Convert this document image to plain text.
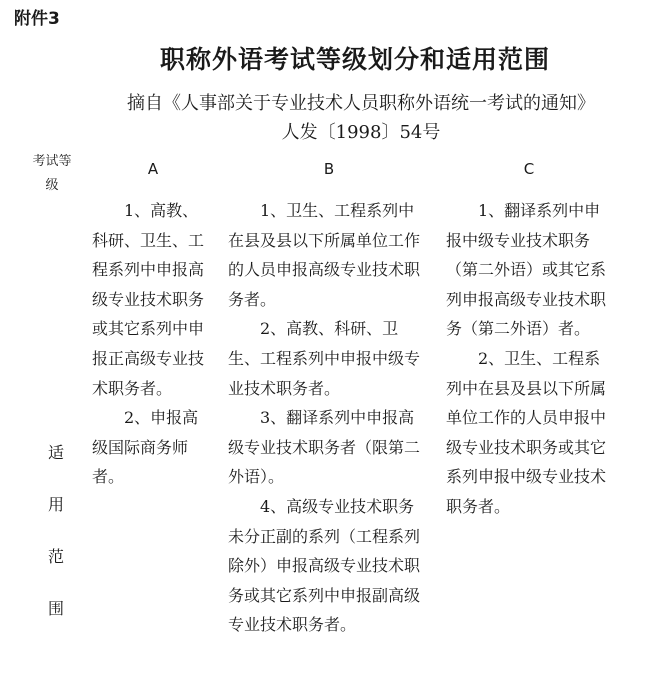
附件3
职称外语考试等级划分和适用范围
摘自《人事部关于专业技术人员职称外语统一考试的通知》
人发〔1998〕54号
考试等级
A	B	C
适
用
范
围

1、高教、科研、卫生、工程系列中申报高级专业技术职务或其它系列中申报正高级专业技术职务者。

2、申报高级国际商务师者。

1、卫生、工程系列中在县及县以下所属单位工作的人员申报高级专业技术职务者。

2、高教、科研、卫生、工程系列中申报中级专业技术职务者。

3、翻译系列中申报高级专业技术职务者（限第二外语）。

4、高级专业技术职务未分正副的系列（工程系列除外）申报高级专业技术职务或其它系列中申报副高级专业技术职务者。

1、翻译系列中申报中级专业技术职务（第二外语）或其它系列申报高级专业技术职务（第二外语）者。

2、卫生、工程系列中在县及县以下所属单位工作的人员申报中级专业技术职务或其它系列申报中级专业技术职务者。
